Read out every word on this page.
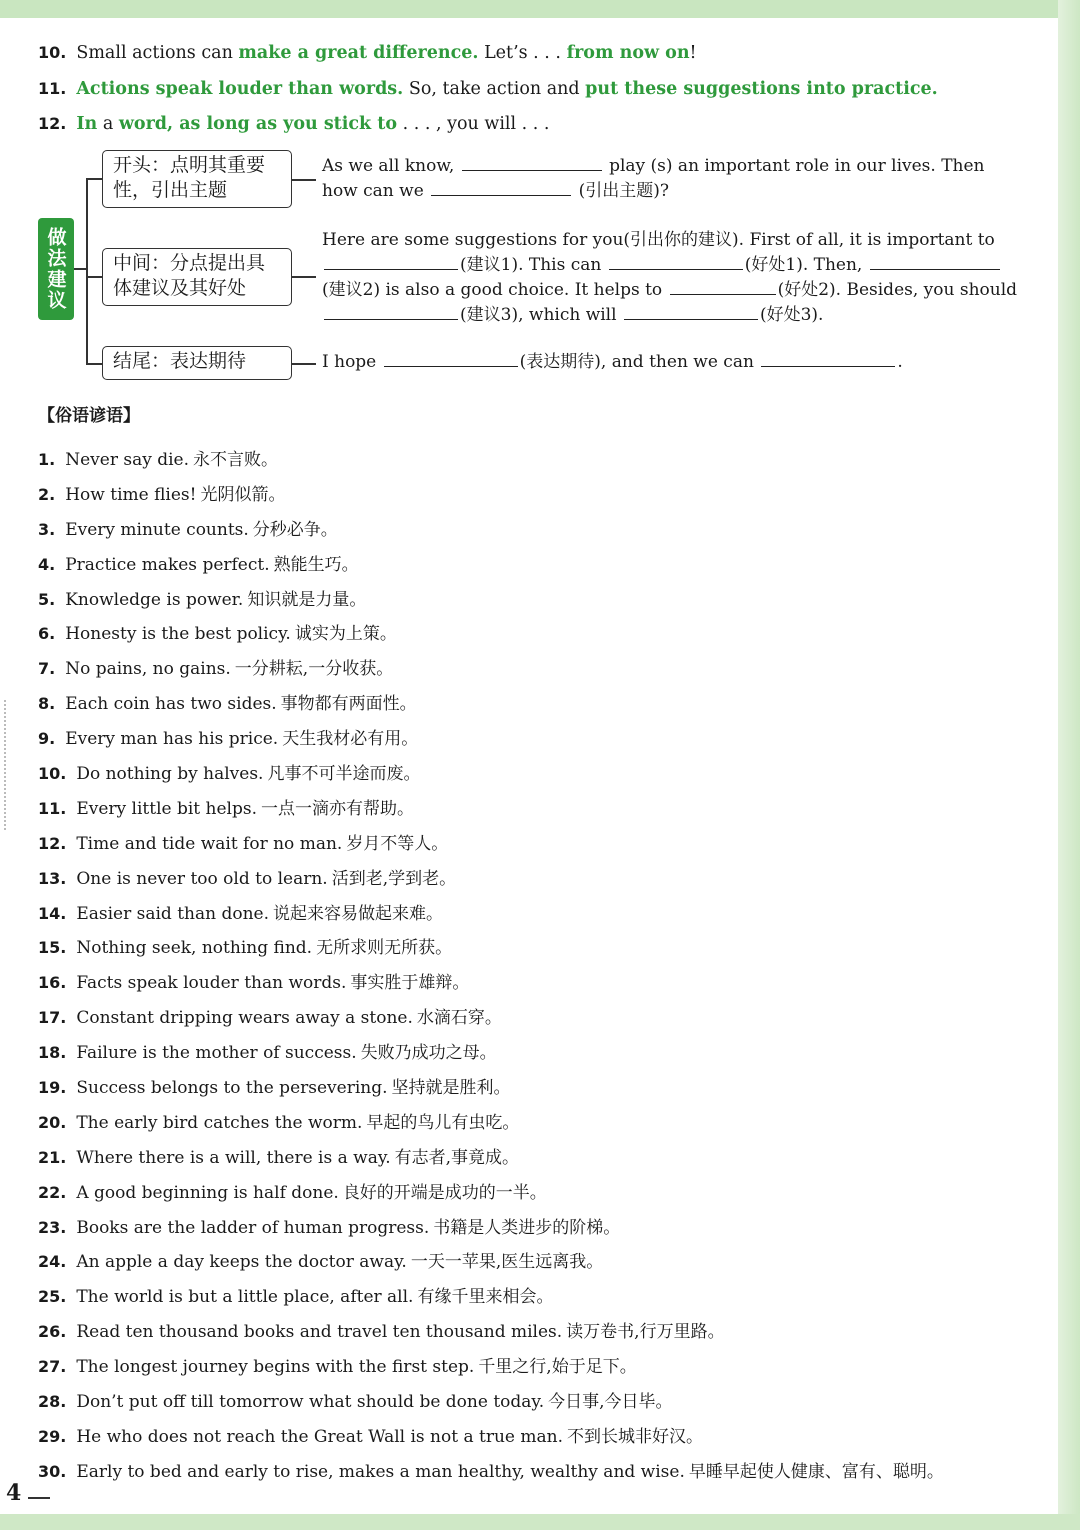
10. Small actions can make a great difference. Let’s . . . from now on!
11. Actions speak louder than words. So, take action and put these suggestions into practice.
12. In a word, as long as you stick to . . . , you will . . .
做法建议
开头：点明其重要性，引出主题
中间：分点提出具体建议及其好处
结尾：表达期待
As we all know,	play (s) an important role in our lives. Then how can we	(引出主题)?
Here are some suggestions for you(引出你的建议). First of all, it is important to (建议1). This can	(好处1). Then, (建议2) is also a good choice. It helps to	(好处2). Besides, you should (建议3), which will	(好处3).
I hope	(表达期待), and then we can	.
【俗语谚语】
1. Never say die. 永不言败。
2. How time flies! 光阴似箭。
3. Every minute counts. 分秒必争。
4. Practice makes perfect. 熟能生巧。
5. Knowledge is power. 知识就是力量。
6. Honesty is the best policy. 诚实为上策。
7. No pains, no gains. 一分耕耘,一分收获。
8. Each coin has two sides. 事物都有两面性。
9. Every man has his price. 天生我材必有用。
10. Do nothing by halves. 凡事不可半途而废。
11. Every little bit helps. 一点一滴亦有帮助。
12. Time and tide wait for no man. 岁月不等人。
13. One is never too old to learn. 活到老,学到老。
14. Easier said than done. 说起来容易做起来难。
15. Nothing seek, nothing find. 无所求则无所获。
16. Facts speak louder than words. 事实胜于雄辩。
17. Constant dripping wears away a stone. 水滴石穿。
18. Failure is the mother of success. 失败乃成功之母。
19. Success belongs to the persevering. 坚持就是胜利。
20. The early bird catches the worm. 早起的鸟儿有虫吃。
21. Where there is a will, there is a way. 有志者,事竟成。
22. A good beginning is half done. 良好的开端是成功的一半。
23. Books are the ladder of human progress. 书籍是人类进步的阶梯。
24. An apple a day keeps the doctor away. 一天一苹果,医生远离我。
25. The world is but a little place, after all. 有缘千里来相会。
26. Read ten thousand books and travel ten thousand miles. 读万卷书,行万里路。
27. The longest journey begins with the first step. 千里之行,始于足下。
28. Don’t put off till tomorrow what should be done today. 今日事,今日毕。
29. He who does not reach the Great Wall is not a true man. 不到长城非好汉。
30. Early to bed and early to rise, makes a man healthy, wealthy and wise. 早睡早起使人健康、富有、聪明。
4
